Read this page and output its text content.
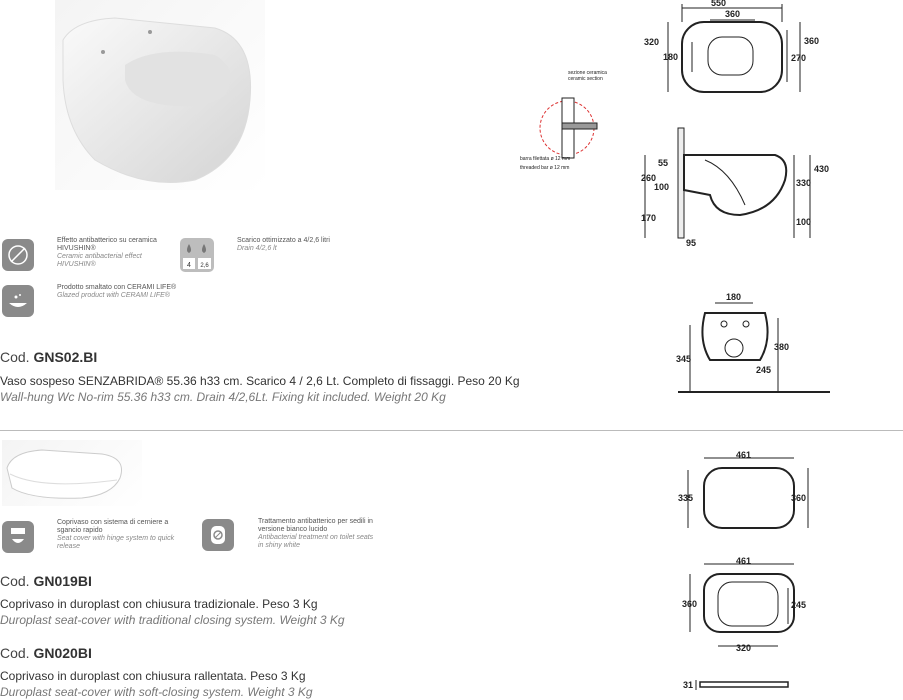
Effetto antibatterico su ceramica HIVUSHIN®
Ceramic antibacterial effect HIVUSHIN®	4 2,6
Scarico ottimizzato a 4/2,6 litri
Drain 4/2,6 lt
Prodotto smaltato con CERAMI LIFE®
Glazed product with CERAMI LIFE®
Cod. GNS02.BI
Vaso sospeso SENZABRIDA® 55.36 h33 cm. Scarico 4 / 2,6 Lt. Completo di fissaggi. Peso 20 Kg
Wall-hung Wc No-rim 55.36 h33 cm. Drain 4/2,6Lt. Fixing kit included. Weight 20 Kg
550
360
320
180
360
270
sezione ceramica
ceramic section
barra filettata ø 12 mm
threaded bar ø 12 mm	55
100
260
170
430
330
100
95
180
345
380
245
Coprivaso con sistema di cerniere a sgancio rapido
Seat cover with hinge system to quick release
Trattamento antibatterico per sedili in versione bianco lucido
Antibacterial treatment on toilet seats in shiny white
Cod. GN019BI
Coprivaso in duroplast con chiusura tradizionale. Peso 3 Kg
Duroplast seat-cover with traditional closing system. Weight 3 Kg
Cod. GN020BI
Coprivaso in duroplast con chiusura rallentata. Peso 3 Kg
Duroplast seat-cover with soft-closing system. Weight 3 Kg
461
335	360
461
360	245
320
31
